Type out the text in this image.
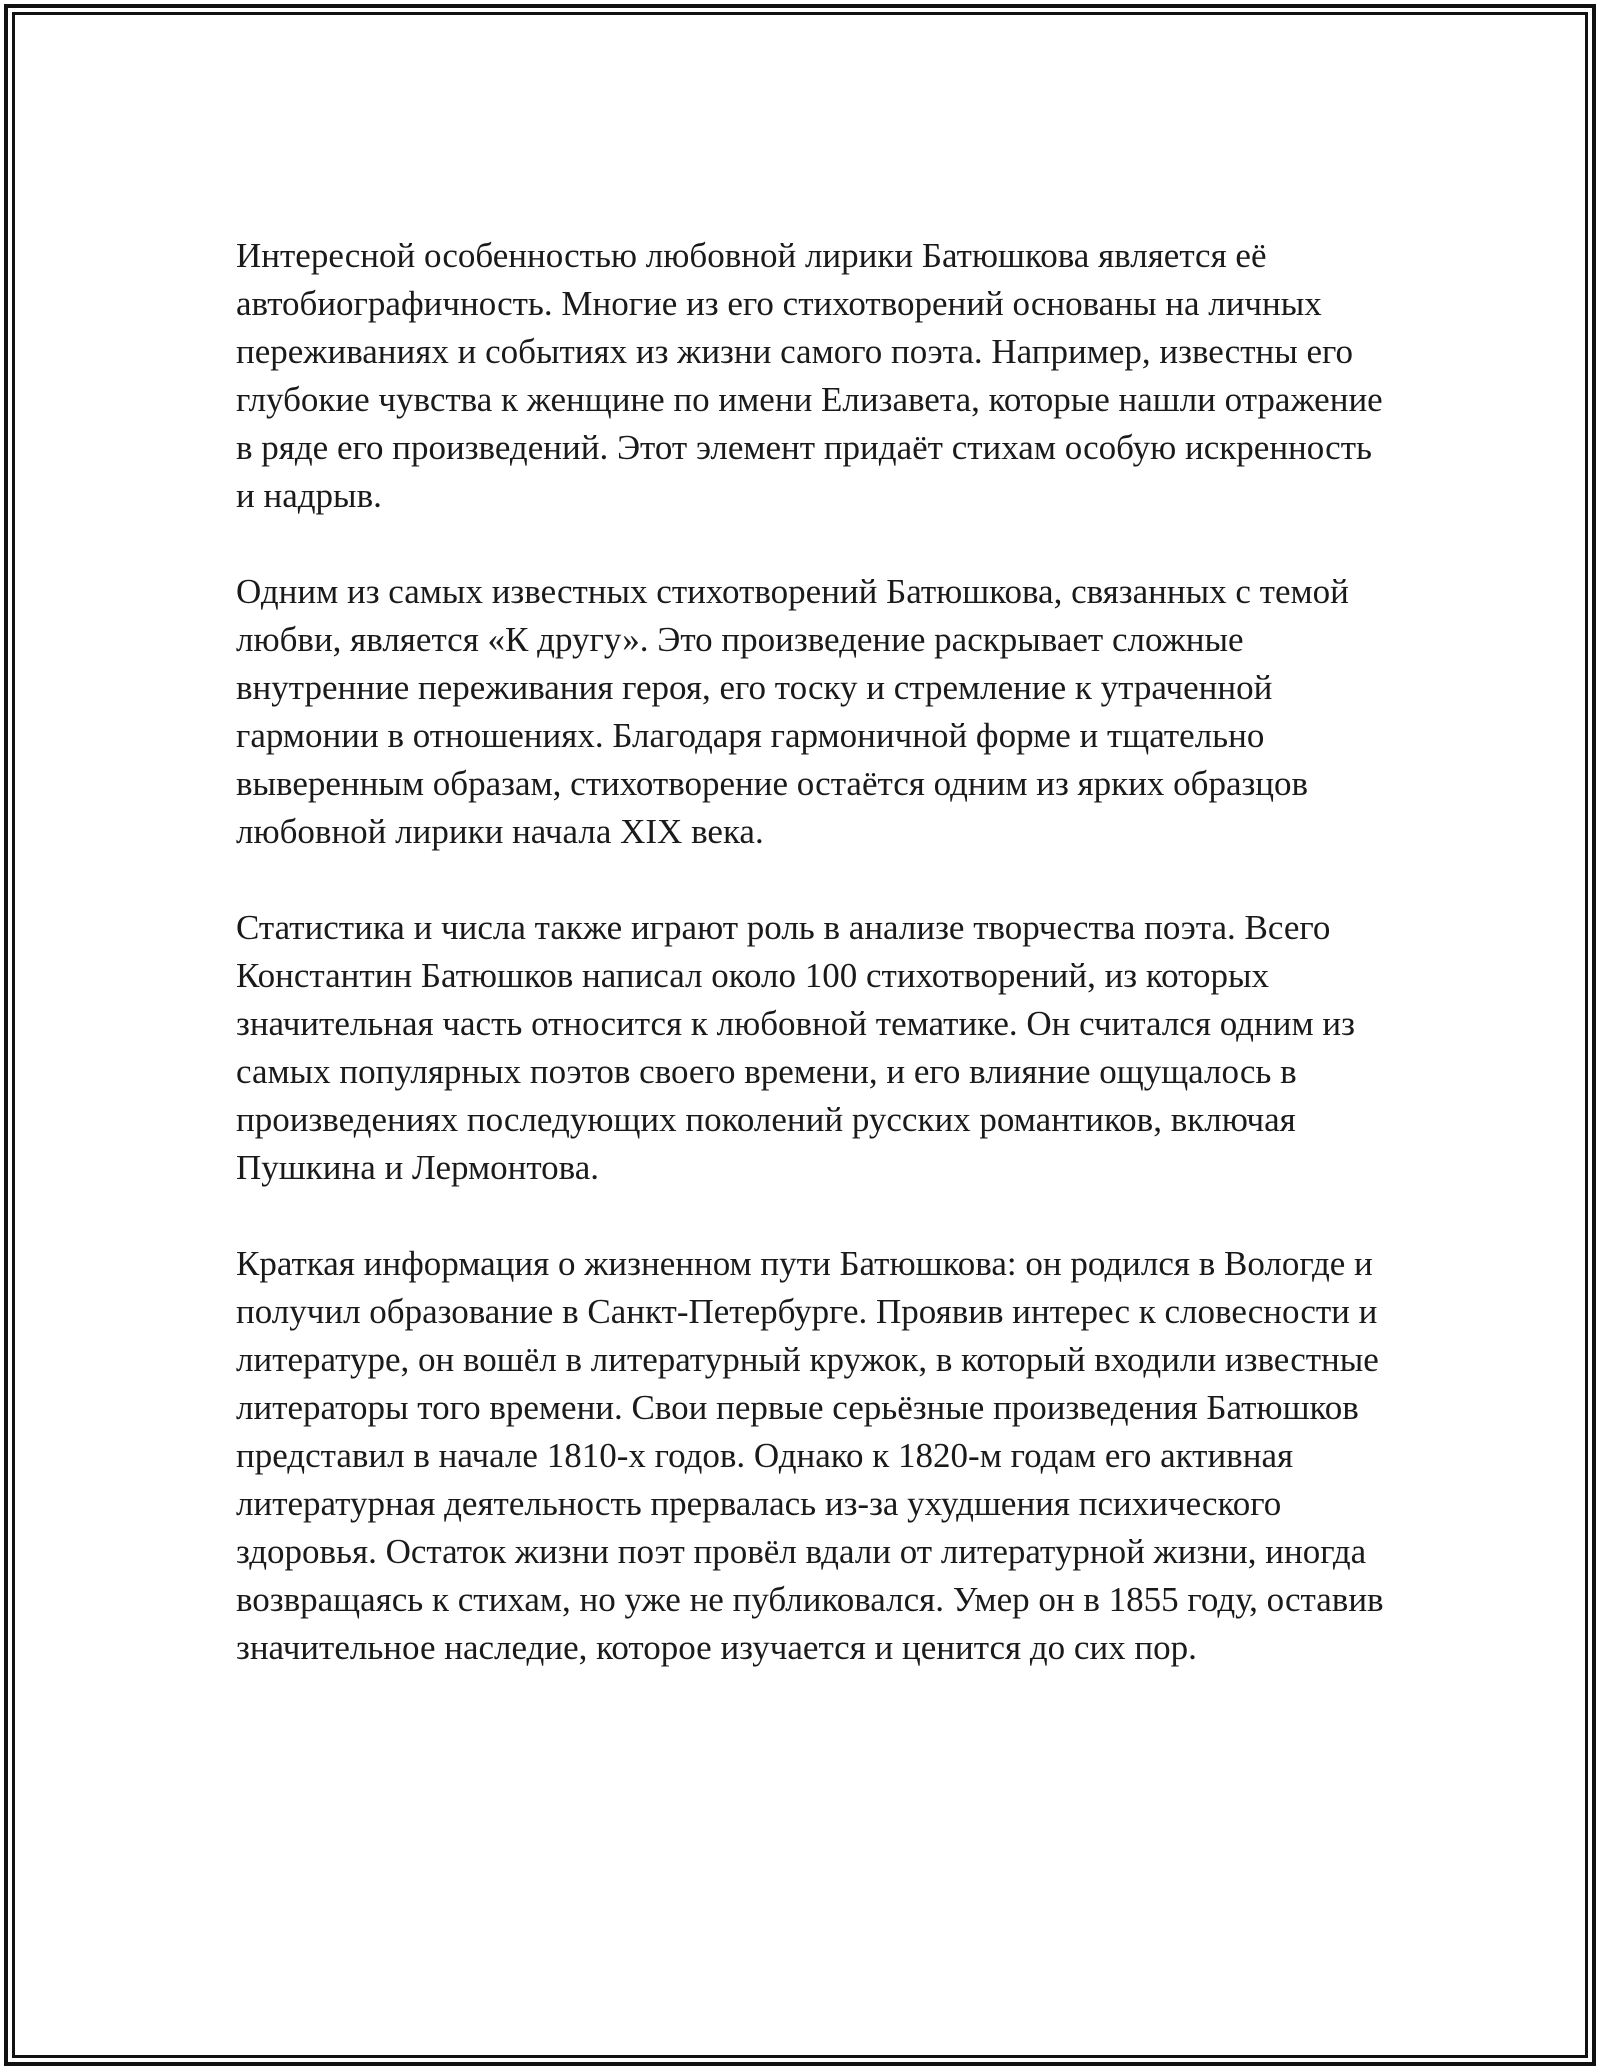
Интересной особенностью любовной лирики Батюшкова является её автобиографичность. Многие из его стихотворений основаны на личных переживаниях и событиях из жизни самого поэта. Например, известны его глубокие чувства к женщине по имени Елизавета, которые нашли отражение в ряде его произведений. Этот элемент придаёт стихам особую искренность и надрыв.

Одним из самых известных стихотворений Батюшкова, связанных с темой любви, является «К другу». Это произведение раскрывает сложные внутренние переживания героя, его тоску и стремление к утраченной гармонии в отношениях. Благодаря гармоничной форме и тщательно выверенным образам, стихотворение остаётся одним из ярких образцов любовной лирики начала XIX века.

Статистика и числа также играют роль в анализе творчества поэта. Всего Константин Батюшков написал около 100 стихотворений, из которых значительная часть относится к любовной тематике. Он считался одним из самых популярных поэтов своего времени, и его влияние ощущалось в произведениях последующих поколений русских романтиков, включая Пушкина и Лермонтова.

Краткая информация о жизненном пути Батюшкова: он родился в Вологде и получил образование в Санкт-Петербурге. Проявив интерес к словесности и литературе, он вошёл в литературный кружок, в который входили известные литераторы того времени. Свои первые серьёзные произведения Батюшков представил в начале 1810-х годов. Однако к 1820-м годам его активная литературная деятельность прервалась из-за ухудшения психического здоровья. Остаток жизни поэт провёл вдали от литературной жизни, иногда возвращаясь к стихам, но уже не публиковался. Умер он в 1855 году, оставив значительное наследие, которое изучается и ценится до сих пор.
